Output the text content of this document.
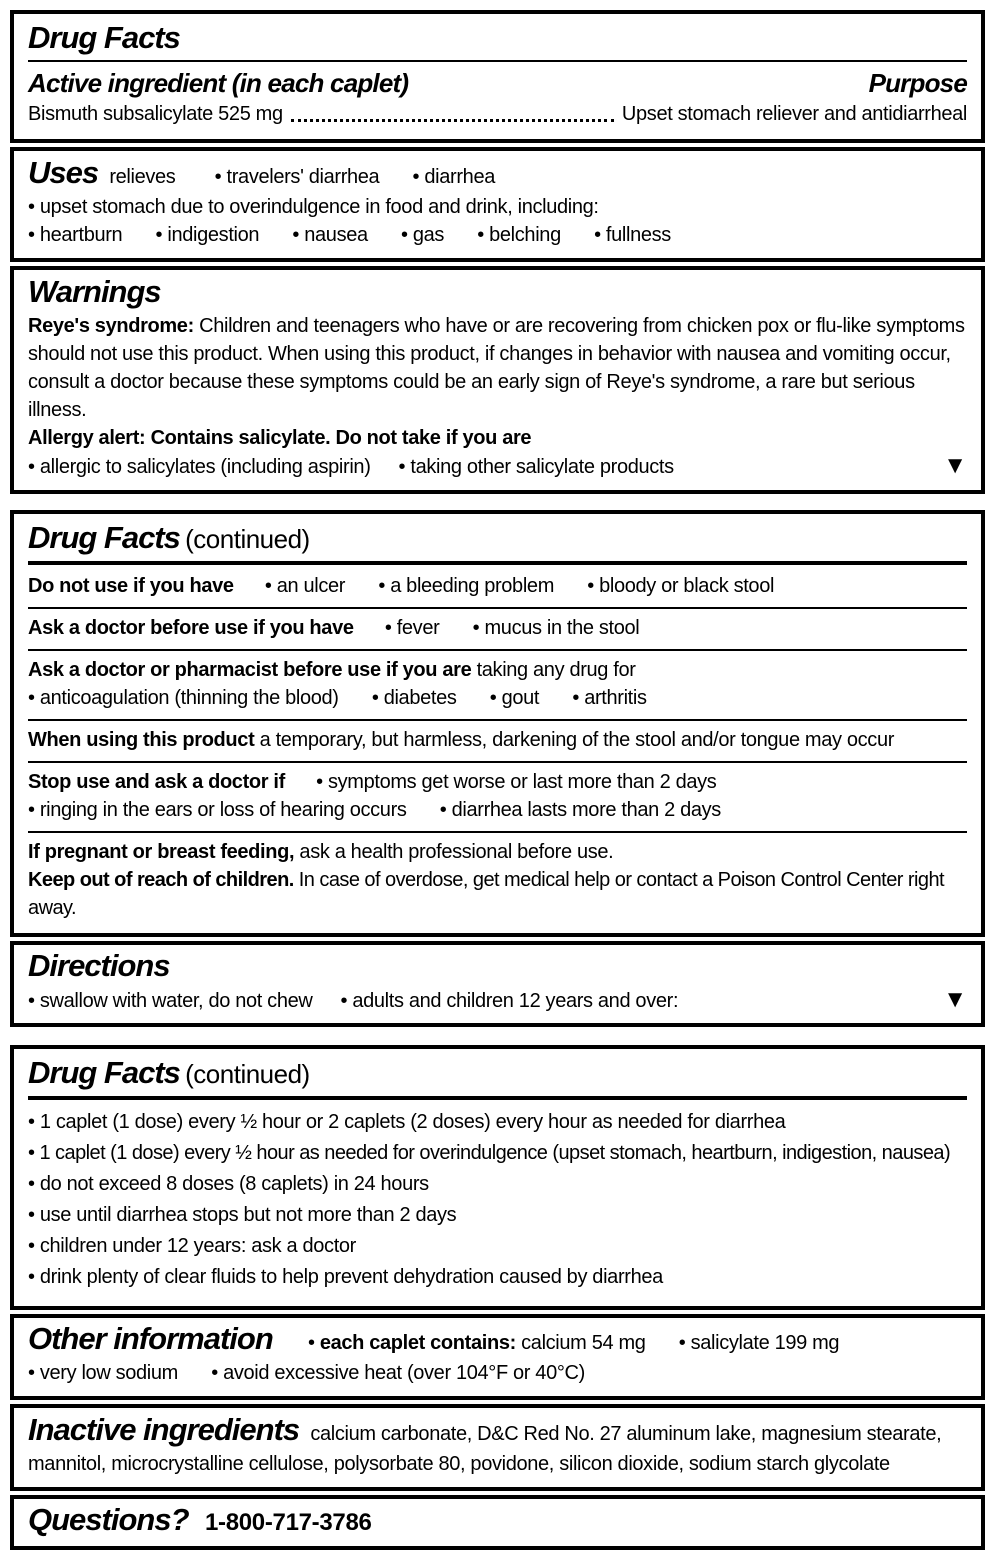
Drug Facts
Active ingredient (in each caplet)	Purpose
Bismuth subsalicylate 525 mg	Upset stomach reliever and antidiarrheal
Uses relieves	• travelers' diarrhea • diarrhea
• upset stomach due to overindulgence in food and drink, including:
• heartburn • indigestion • nausea • gas • belching • fullness
Warnings

Reye's syndrome: Children and teenagers who have or are recovering from chicken pox or flu-like symptoms should not use this product. When using this product, if changes in behavior with nausea and vomiting occur, consult a doctor because these symptoms could be an early sign of Reye's syndrome, a rare but serious illness.

Allergy alert: Contains salicylate. Do not take if you are
• allergic to salicylates (including aspirin)	• taking other salicylate products	▼
Drug Facts (continued)
Do not use if you have • an ulcer • a bleeding problem • bloody or black stool
Ask a doctor before use if you have • fever • mucus in the stool
Ask a doctor or pharmacist before use if you are taking any drug for
• anticoagulation (thinning the blood) • diabetes • gout • arthritis
When using this product a temporary, but harmless, darkening of the stool and/or tongue may occur
Stop use and ask a doctor if • symptoms get worse or last more than 2 days
• ringing in the ears or loss of hearing occurs • diarrhea lasts more than 2 days
If pregnant or breast feeding, ask a health professional before use.
Keep out of reach of children. In case of overdose, get medical help or contact a Poison Control Center right away.
Directions
• swallow with water, do not chew	• adults and children 12 years and over:	▼
Drug Facts (continued)
• 1 caplet (1 dose) every ½ hour or 2 caplets (2 doses) every hour as needed for diarrhea
• 1 caplet (1 dose) every ½ hour as needed for overindulgence (upset stomach, heartburn, indigestion, nausea)
• do not exceed 8 doses (8 caplets) in 24 hours
• use until diarrhea stops but not more than 2 days
• children under 12 years: ask a doctor
• drink plenty of clear fluids to help prevent dehydration caused by diarrhea
Other information • each caplet contains: calcium 54 mg • salicylate 199 mg
• very low sodium • avoid excessive heat (over 104°F or 40°C)

Inactive ingredients calcium carbonate, D&C Red No. 27 aluminum lake, magnesium stearate, mannitol, microcrystalline cellulose, polysorbate 80, povidone, silicon dioxide, sodium starch glycolate

Questions? 1-800-717-3786
